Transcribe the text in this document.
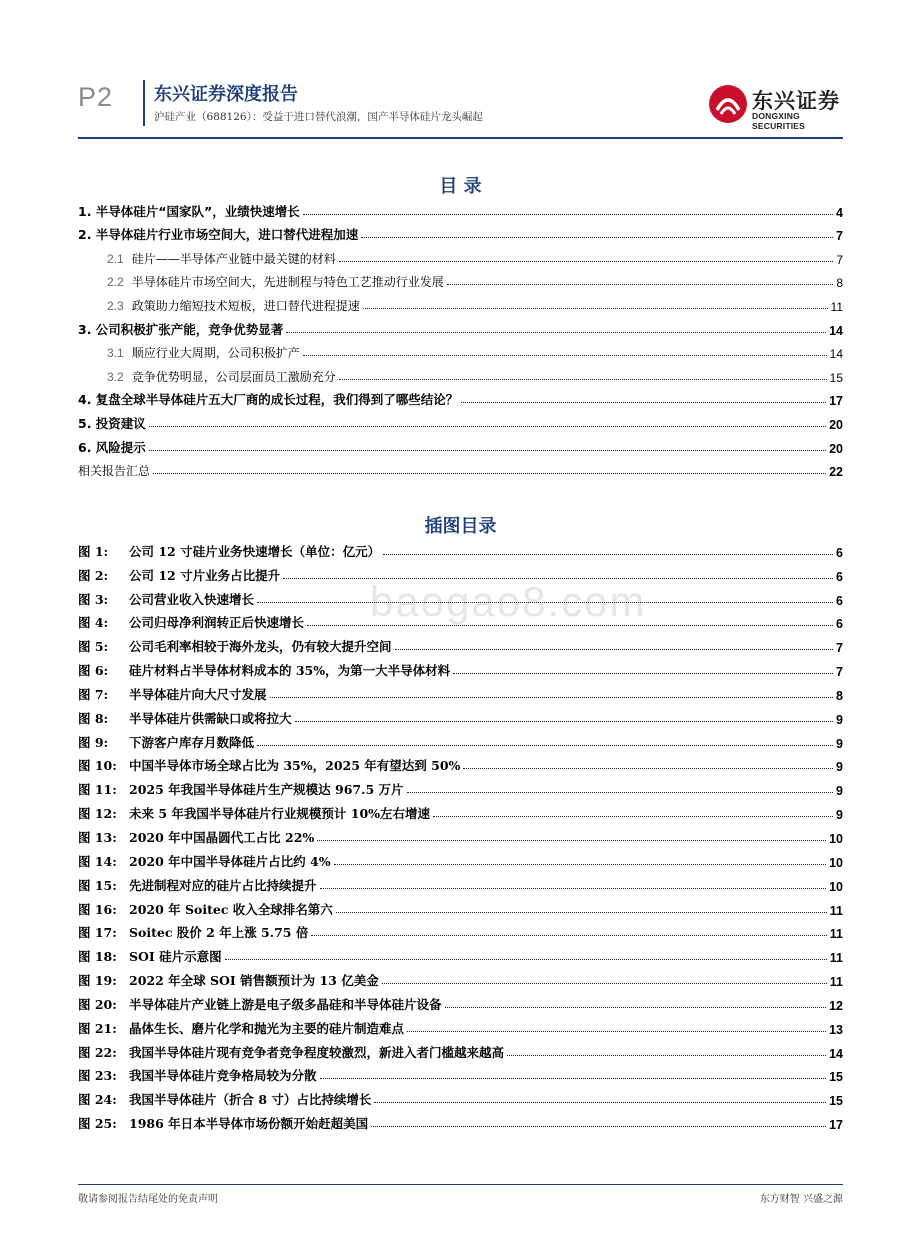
P2 东兴证券深度报告
沪硅产业（688126）：受益于进口替代浪潮，国产半导体硅片龙头崛起
东兴证券
DONGXING SECURITIES
目 录
1. 半导体硅片“国家队”，业绩快速增长	4
2. 半导体硅片行业市场空间大，进口替代进程加速	7
2.1 硅片——半导体产业链中最关键的材料	7
2.2 半导体硅片市场空间大，先进制程与特色工艺推动行业发展	8
2.3 政策助力缩短技术短板，进口替代进程提速	11
3. 公司积极扩张产能，竞争优势显著	14
3.1 顺应行业大周期，公司积极扩产	14
3.2 竞争优势明显，公司层面员工激励充分	15
4. 复盘全球半导体硅片五大厂商的成长过程，我们得到了哪些结论？	17
5. 投资建议	20
6. 风险提示	20
相关报告汇总	22
插图目录
baogao8.com
图 1: 公司 12 寸硅片业务快速增长（单位：亿元）	6
图 2: 公司 12 寸片业务占比提升	6
图 3: 公司营业收入快速增长	6
图 4: 公司归母净利润转正后快速增长	6
图 5: 公司毛利率相较于海外龙头，仍有较大提升空间	7
图 6: 硅片材料占半导体材料成本的 35%，为第一大半导体材料	7
图 7: 半导体硅片向大尺寸发展	8
图 8: 半导体硅片供需缺口或将拉大	9
图 9: 下游客户库存月数降低	9
图 10: 中国半导体市场全球占比为 35%，2025 年有望达到 50%	9
图 11: 2025 年我国半导体硅片生产规模达 967.5 万片	9
图 12: 未来 5 年我国半导体硅片行业规模预计 10%左右增速	9
图 13: 2020 年中国晶圆代工占比 22%	10
图 14: 2020 年中国半导体硅片占比约 4%	10
图 15: 先进制程对应的硅片占比持续提升	10
图 16: 2020 年 Soitec 收入全球排名第六	11
图 17: Soitec 股价 2 年上涨 5.75 倍	11
图 18: SOI 硅片示意图	11
图 19: 2022 年全球 SOI 销售额预计为 13 亿美金	11
图 20: 半导体硅片产业链上游是电子级多晶硅和半导体硅片设备	12
图 21: 晶体生长、磨片化学和抛光为主要的硅片制造难点	13
图 22: 我国半导体硅片现有竞争者竞争程度较激烈，新进入者门槛越来越高	14
图 23: 我国半导体硅片竞争格局较为分散	15
图 24: 我国半导体硅片（折合 8 寸）占比持续增长	15
图 25: 1986 年日本半导体市场份额开始赶超美国	17
敬请参阅报告结尾处的免责声明	东方财智 兴盛之源
